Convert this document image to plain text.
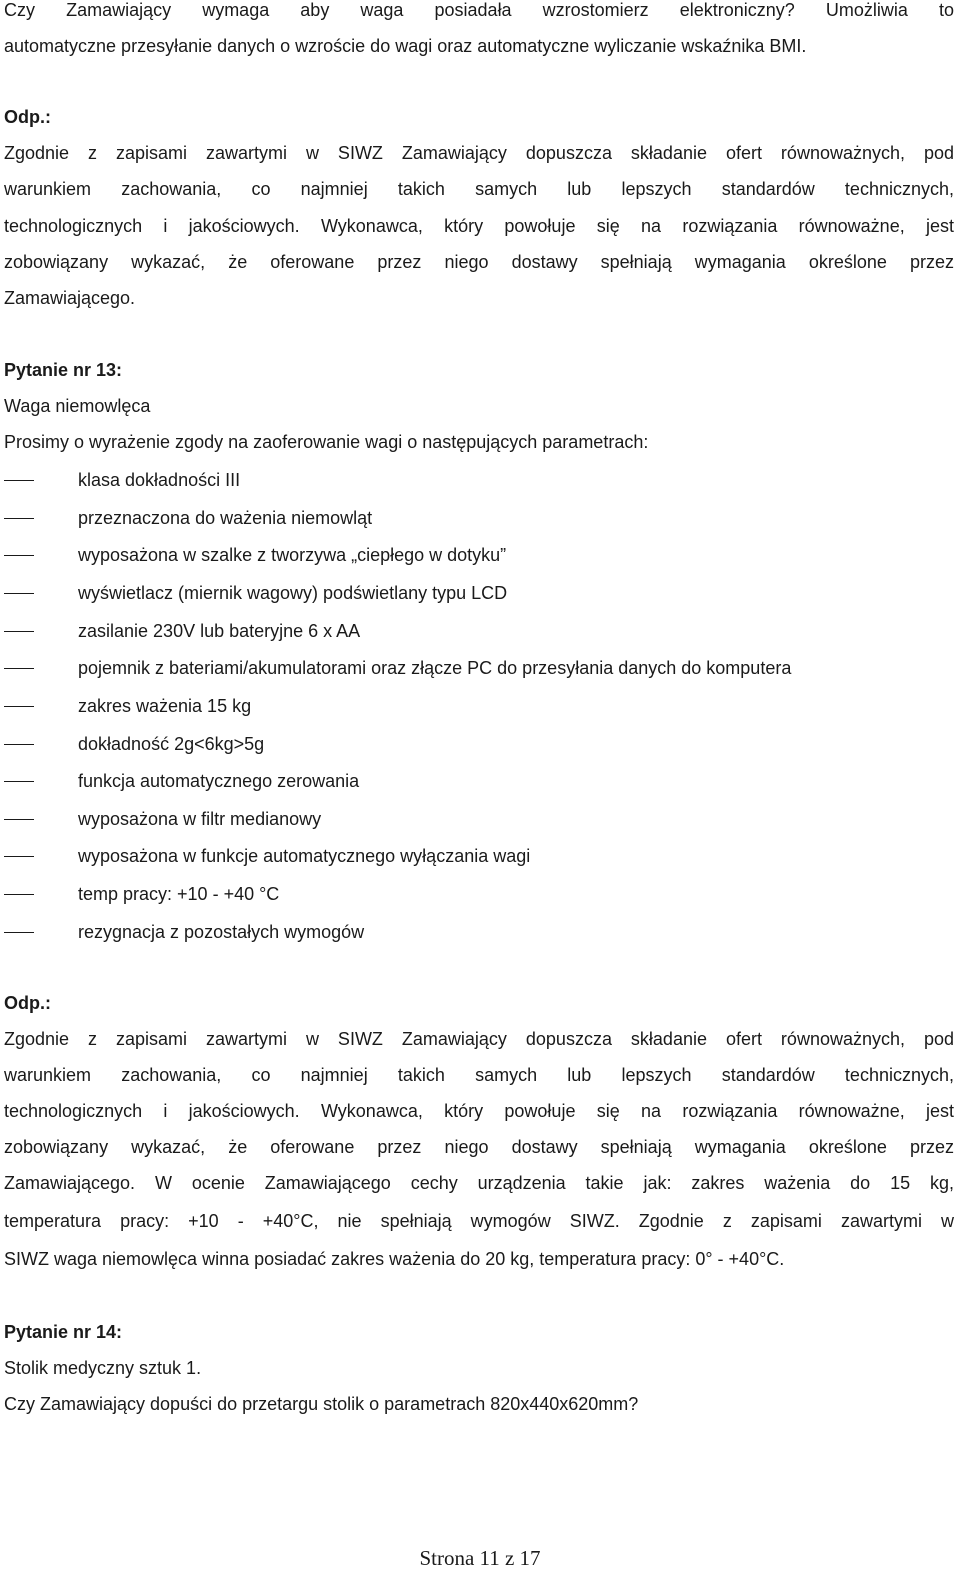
Czy Zamawiający wymaga aby waga posiadała wzrostomierz elektroniczny? Umożliwia to
automatyczne przesyłanie danych o wzroście do wagi oraz automatyczne wyliczanie wskaźnika BMI.
Odp.:
Zgodnie z zapisami zawartymi w SIWZ Zamawiający dopuszcza składanie ofert równoważnych, pod
warunkiem zachowania, co najmniej takich samych lub lepszych standardów technicznych,
technologicznych i jakościowych. Wykonawca, który powołuje się na rozwiązania równoważne, jest
zobowiązany wykazać, że oferowane przez niego dostawy spełniają wymagania określone przez
Zamawiającego.
Pytanie nr 13:
Waga niemowlęca
Prosimy o wyrażenie zgody na zaoferowanie wagi o następujących parametrach:
klasa dokładności III
przeznaczona do ważenia niemowląt
wyposażona w szalke z tworzywa „ciepłego w dotyku”
wyświetlacz (miernik wagowy) podświetlany typu LCD
zasilanie 230V lub bateryjne 6 x AA
pojemnik z bateriami/akumulatorami oraz złącze PC do przesyłania danych do komputera
zakres ważenia 15 kg
dokładność 2g<6kg>5g
funkcja automatycznego zerowania
wyposażona w filtr medianowy
wyposażona w funkcje automatycznego wyłączania wagi
temp pracy: +10 - +40 °C
rezygnacja z pozostałych wymogów
Odp.:
Zgodnie z zapisami zawartymi w SIWZ Zamawiający dopuszcza składanie ofert równoważnych, pod
warunkiem zachowania, co najmniej takich samych lub lepszych standardów technicznych,
technologicznych i jakościowych. Wykonawca, który powołuje się na rozwiązania równoważne, jest
zobowiązany wykazać, że oferowane przez niego dostawy spełniają wymagania określone przez
Zamawiającego. W ocenie Zamawiającego cechy urządzenia takie jak: zakres ważenia do 15 kg,
temperatura pracy: +10 - +40°C, nie spełniają wymogów SIWZ. Zgodnie z zapisami zawartymi w
SIWZ waga niemowlęca winna posiadać zakres ważenia do 20 kg, temperatura pracy: 0° - +40°C.
Pytanie nr 14:
Stolik medyczny sztuk 1.
Czy Zamawiający dopuści do przetargu stolik o parametrach 820x440x620mm?
Strona 11 z 17
